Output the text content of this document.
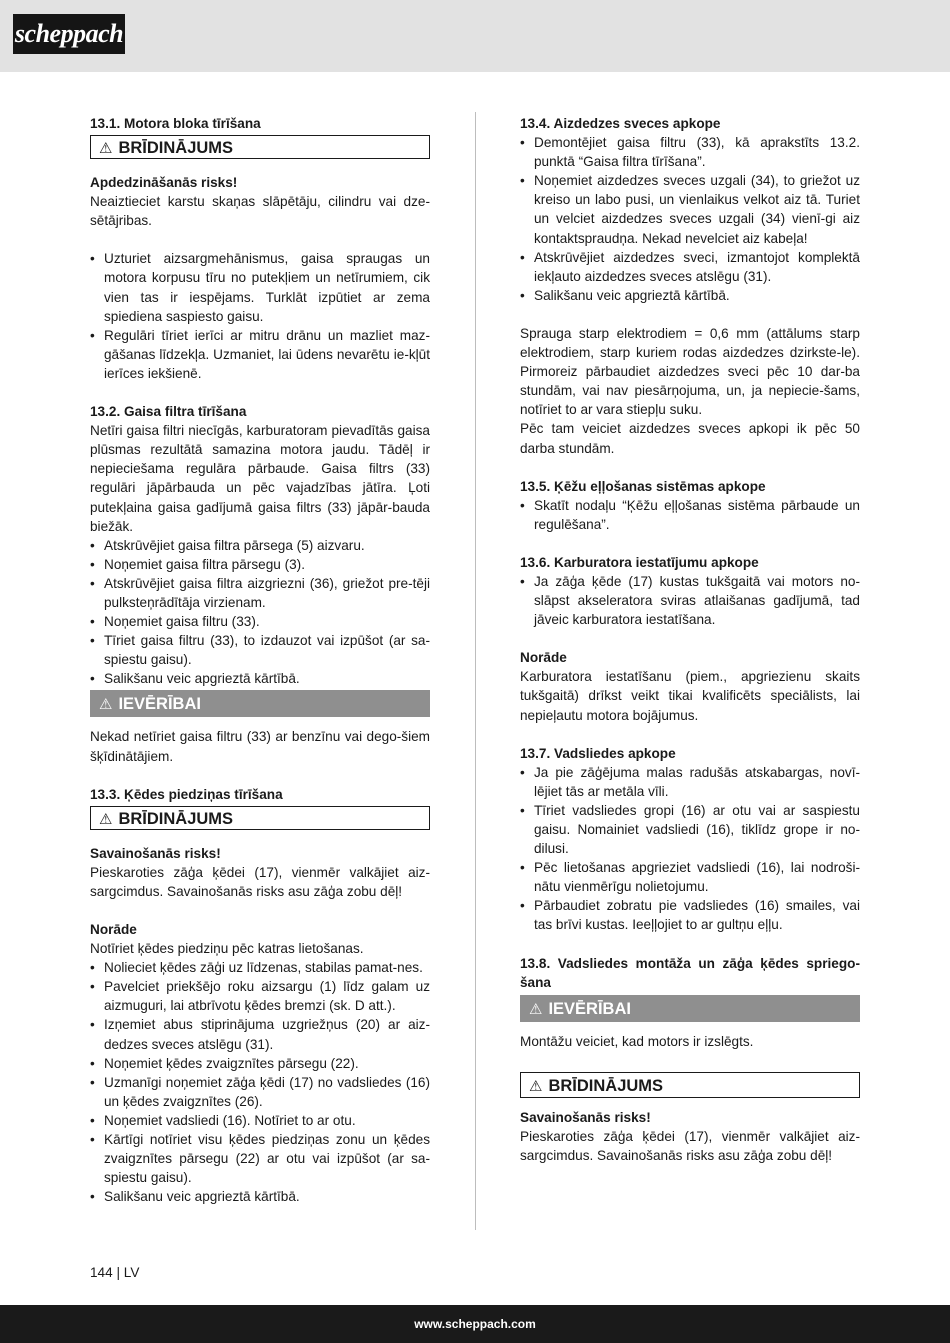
scheppach

13.1. Motora bloka tīrīšana

⚠ BRĪDINĀJUMS

Apdedzināšanās risks!

Neaiztieciet karstu skaņas slāpētāju, cilindru vai dze-sētājribas.

• Uzturiet aizsargmehānismus, gaisa spraugas un motora korpusu tīru no putekļiem un netīrumiem, cik vien tas ir iespējams. Turklāt izpūtiet ar zema spiediena saspiesto gaisu.
• Regulāri tīriet ierīci ar mitru drānu un mazliet maz-gāšanas līdzekļa. Uzmaniet, lai ūdens nevarētu ie-kļūt ierīces iekšienē.

13.2. Gaisa filtra tīrīšana

Netīri gaisa filtri niecīgās, karburatoram pievadītās gaisa plūsmas rezultātā samazina motora jaudu. Tādēļ ir nepieciešama regulāra pārbaude. Gaisa filtrs (33) regulāri jāpārbauda un pēc vajadzības jātīra. Ļoti putekļaina gaisa gadījumā gaisa filtrs (33) jāpār-bauda biežāk.

• Atskrūvējiet gaisa filtra pārsega (5) aizvaru.
• Noņemiet gaisa filtra pārsegu (3).
• Atskrūvējiet gaisa filtra aizgriezni (36), griežot pre-tēji pulksteņrādītāja virzienam.
• Noņemiet gaisa filtru (33).
• Tīriet gaisa filtru (33), to izdauzot vai izpūšot (ar sa-spiestu gaisu).
• Salikšanu veic apgrieztā kārtībā.
⚠ IEVĒRĪBAI

Nekad netīriet gaisa filtru (33) ar benzīnu vai dego-šiem šķīdinātājiem.

13.3. Ķēdes piedziņas tīrīšana

⚠ BRĪDINĀJUMS

Savainošanās risks!

Pieskaroties zāģa ķēdei (17), vienmēr valkājiet aiz-sargcimdus. Savainošanās risks asu zāģa zobu dēļ!

Norāde

Notīriet ķēdes piedziņu pēc katras lietošanas.

• Nolieciet ķēdes zāģi uz līdzenas, stabilas pamat-nes.
• Pavelciet priekšējo roku aizsargu (1) līdz galam uz aizmuguri, lai atbrīvotu ķēdes bremzi (sk. D att.).
• Izņemiet abus stiprinājuma uzgriežņus (20) ar aiz-dedzes sveces atslēgu (31).
• Noņemiet ķēdes zvaigznītes pārsegu (22).
• Uzmanīgi noņemiet zāģa ķēdi (17) no vadsliedes (16) un ķēdes zvaigznītes (26).
• Noņemiet vadsliedi (16). Notīriet to ar otu.
• Kārtīgi notīriet visu ķēdes piedziņas zonu un ķēdes zvaigznītes pārsegu (22) ar otu vai izpūšot (ar sa-spiestu gaisu).
• Salikšanu veic apgrieztā kārtībā.

13.4. Aizdedzes sveces apkope

• Demontējiet gaisa filtru (33), kā aprakstīts 13.2. punktā “Gaisa filtra tīrīšana”.
• Noņemiet aizdedzes sveces uzgali (34), to griežot uz kreiso un labo pusi, un vienlaikus velkot aiz tā. Turiet un velciet aizdedzes sveces uzgali (34) vienī-gi aiz kontaktspraudņa. Nekad nevelciet aiz kabeļa!
• Atskrūvējiet aizdedzes sveci, izmantojot komplektā iekļauto aizdedzes sveces atslēgu (31).
• Salikšanu veic apgrieztā kārtībā.

Sprauga starp elektrodiem = 0,6 mm (attālums starp elektrodiem, starp kuriem rodas aizdedzes dzirkste-le). Pirmoreiz pārbaudiet aizdedzes sveci pēc 10 dar-ba stundām, vai nav piesārņojuma, un, ja nepiecie-šams, notīriet to ar vara stiepļu suku.

Pēc tam veiciet aizdedzes sveces apkopi ik pēc 50 darba stundām.

13.5. Ķēžu eļļošanas sistēmas apkope

• Skatīt nodaļu “Ķēžu eļļošanas sistēma pārbaude un regulēšana”.

13.6. Karburatora iestatījumu apkope

• Ja zāģa ķēde (17) kustas tukšgaitā vai motors no-slāpst akseleratora sviras atlaišanas gadījumā, tad jāveic karburatora iestatīšana.

Norāde

Karburatora iestatīšanu (piem., apgriezienu skaits tukšgaitā) drīkst veikt tikai kvalificēts speciālists, lai nepieļautu motora bojājumus.

13.7. Vadsliedes apkope

• Ja pie zāģējuma malas radušās atskabargas, novī-lējiet tās ar metāla vīli.
• Tīriet vadsliedes gropi (16) ar otu vai ar saspiestu gaisu. Nomainiet vadsliedi (16), tiklīdz grope ir no-dilusi.
• Pēc lietošanas apgrieziet vadsliedi (16), lai nodroši-nātu vienmērīgu nolietojumu.
• Pārbaudiet zobratu pie vadsliedes (16) smailes, vai tas brīvi kustas. Ieeļļojiet to ar gultņu eļļu.

13.8. Vadsliedes montāža un zāģa ķēdes spriego-šana

⚠ IEVĒRĪBAI

Montāžu veiciet, kad motors ir izslēgts.

⚠ BRĪDINĀJUMS

Savainošanās risks!

Pieskaroties zāģa ķēdei (17), vienmēr valkājiet aiz-sargcimdus. Savainošanās risks asu zāģa zobu dēļ!

144 | LV
www.scheppach.com
